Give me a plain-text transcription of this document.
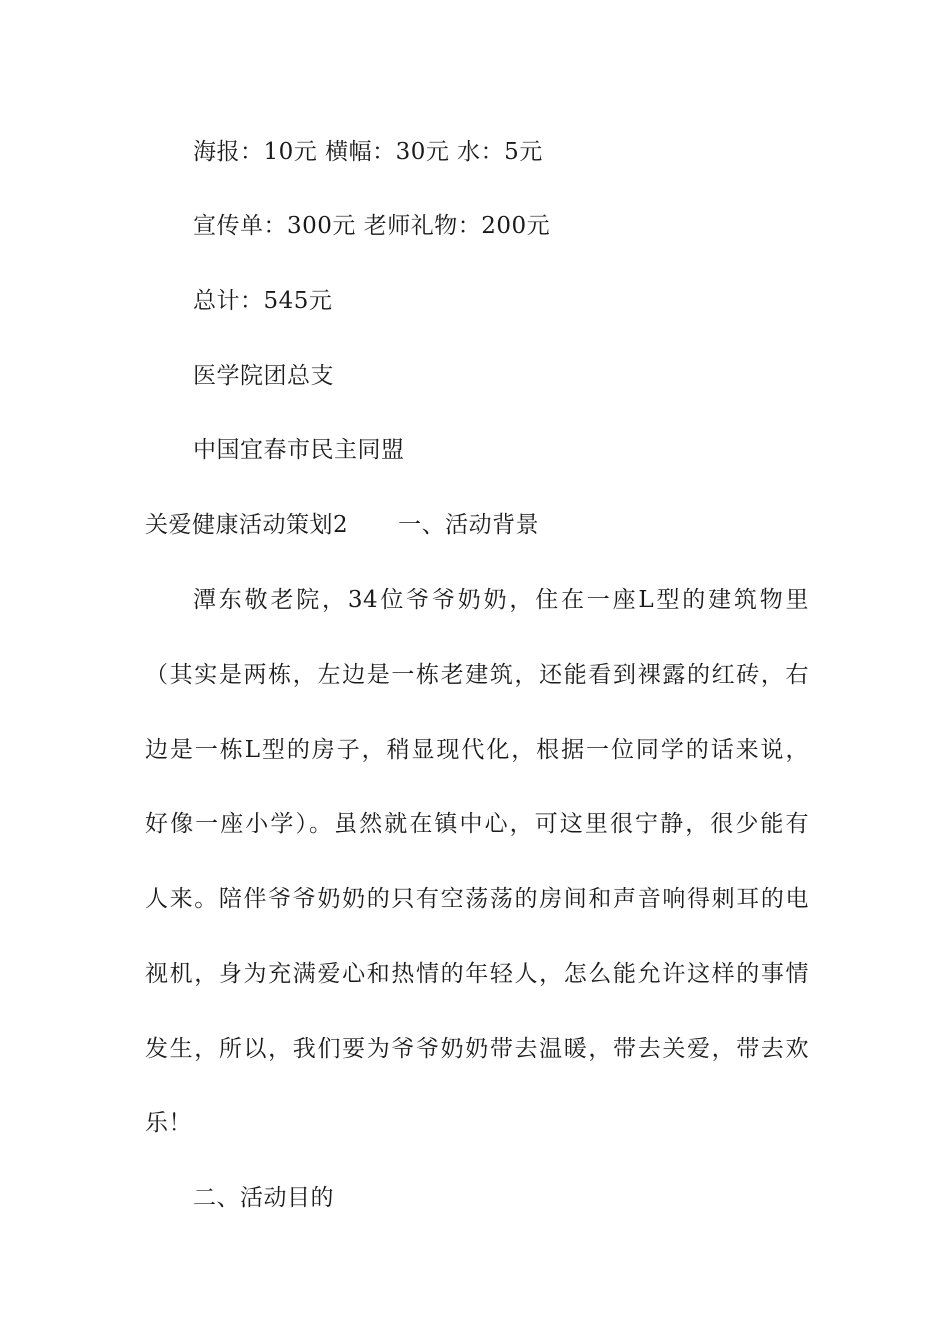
海报：10元 横幅：30元 水：5元
宣传单：300元 老师礼物：200元
总计：545元
医学院团总支
中国宜春市民主同盟
关爱健康活动策划2 一、活动背景
潭东敬老院，34位爷爷奶奶，住在一座L型的建筑物里
（其实是两栋，左边是一栋老建筑，还能看到裸露的红砖，右
边是一栋L型的房子，稍显现代化，根据一位同学的话来说，
好像一座小学）。虽然就在镇中心，可这里很宁静，很少能有
人来。陪伴爷爷奶奶的只有空荡荡的房间和声音响得刺耳的电
视机，身为充满爱心和热情的年轻人，怎么能允许这样的事情
发生，所以，我们要为爷爷奶奶带去温暖，带去关爱，带去欢
乐！
二、活动目的
